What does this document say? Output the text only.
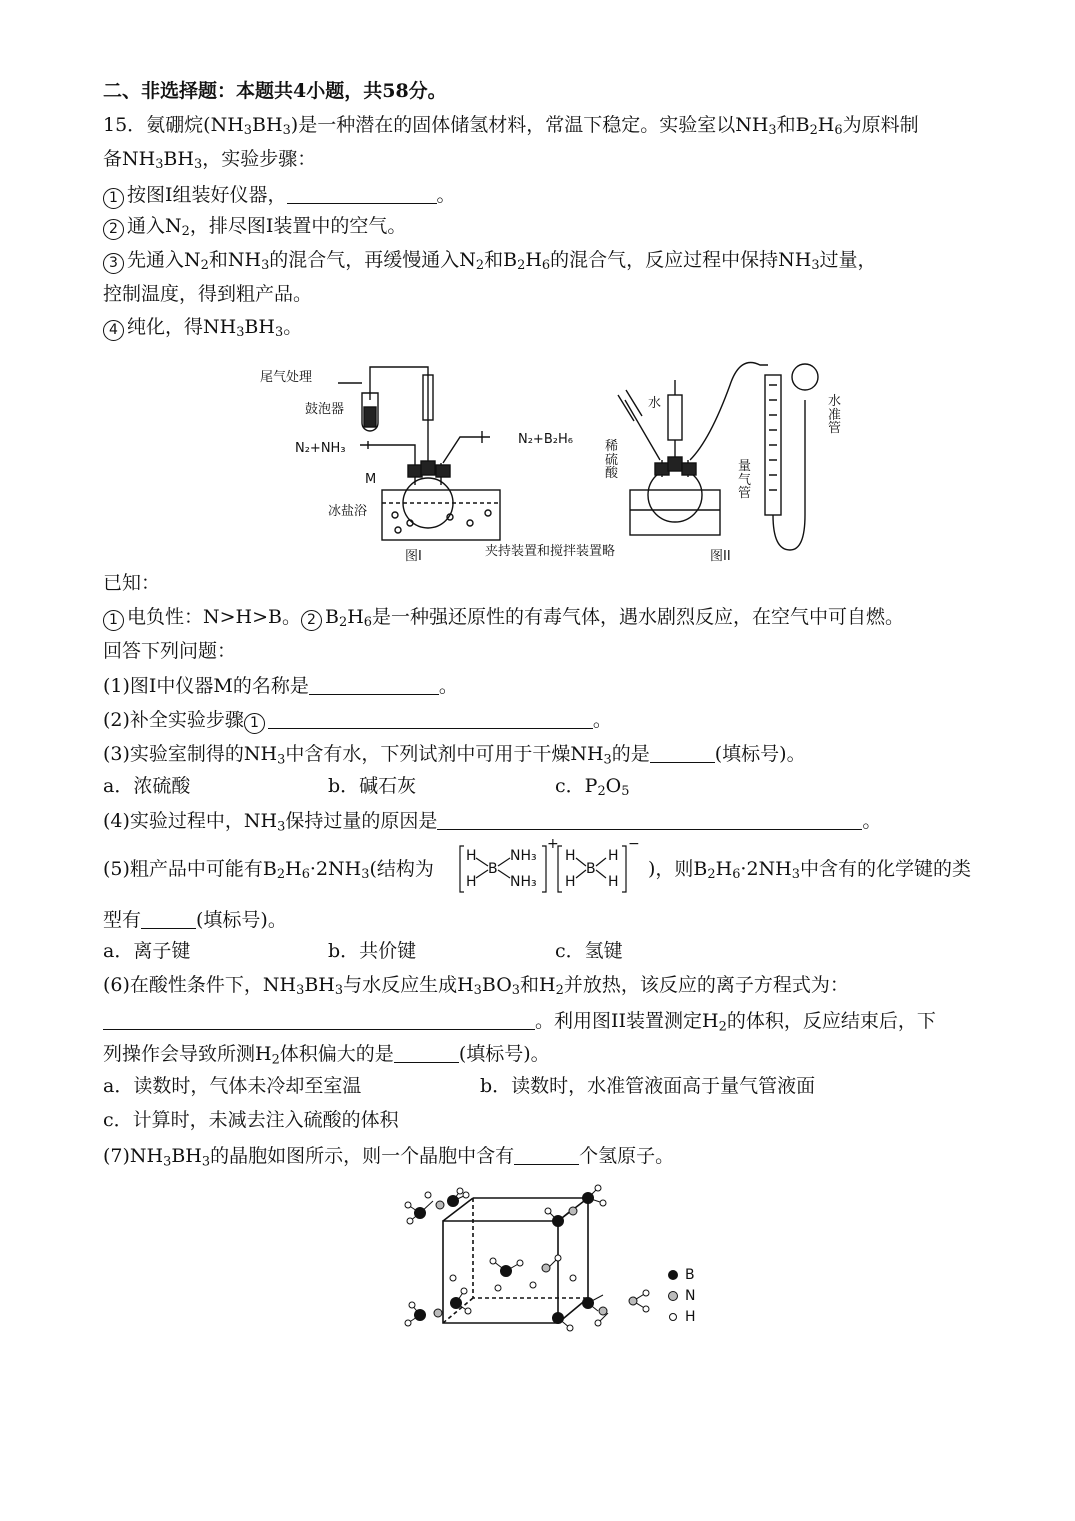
二、非选择题：本题共4小题，共58分。
15．氨硼烷$(NH_3BH_3)$是一种潜在的固体储氢材料，常温下稳定。实验室以$NH_3$和$B_2H_6$为原料制
备$NH_3BH_3$，实验步骤：
1 按图I组装好仪器，	。
2 通入$N_2$，排尽图I装置中的空气。
3 先通入$N_2$和$NH_3$的混合气，再缓慢通入$N_2$和$B_2H_6$的混合气，反应过程中保持$NH_3$过量，
控制温度，得到粗产品。
4 纯化，得$NH_3BH_3$。
尾气处理
鼓泡器
N₂+NH₃
N₂+B₂H₆
M
冰盐浴
图I	夹持装置和搅拌装置略	图II
水
稀
硫
酸	量
气
管
水
准
管
已知：
1 电负性：N>H>B。 2 $B_2H_6$是一种强还原性的有毒气体，遇水剧烈反应，在空气中可自燃。
回答下列问题：
(1)图I中仪器M的名称是	。
(2)补全实验步骤 1	。
(3)实验室制得的$NH_3$中含有水，下列试剂中可用于干燥$NH_3$的是	(填标号)。
a．浓硫酸	b．碱石灰	c．$P_2O_5$
(4)实验过程中，$NH_3$保持过量的原因是	。
(5)粗产品中可能有$B_2H_6\cdot 2NH_3$(结构为
H
H
B
NH₃
NH₃
+
H
H
B
H
H
−
)，则$B_2H_6\cdot 2NH_3$中含有的化学键的类
型有	(填标号)。
a．离子键	b．共价键	c．氢键
(6)在酸性条件下，$NH_3BH_3$与水反应生成$H_3BO_3$和$H_2$并放热，该反应的离子方程式为：
。利用图II装置测定$H_2$的体积，反应结束后，下
列操作会导致所测$H_2$体积偏大的是	(填标号)。
a．读数时，气体未冷却至室温	b．读数时，水准管液面高于量气管液面
c．计算时，未减去注入硫酸的体积
$(7)NH_3BH_3$的晶胞如图所示，则一个晶胞中含有	个氢原子。
B
N
H
